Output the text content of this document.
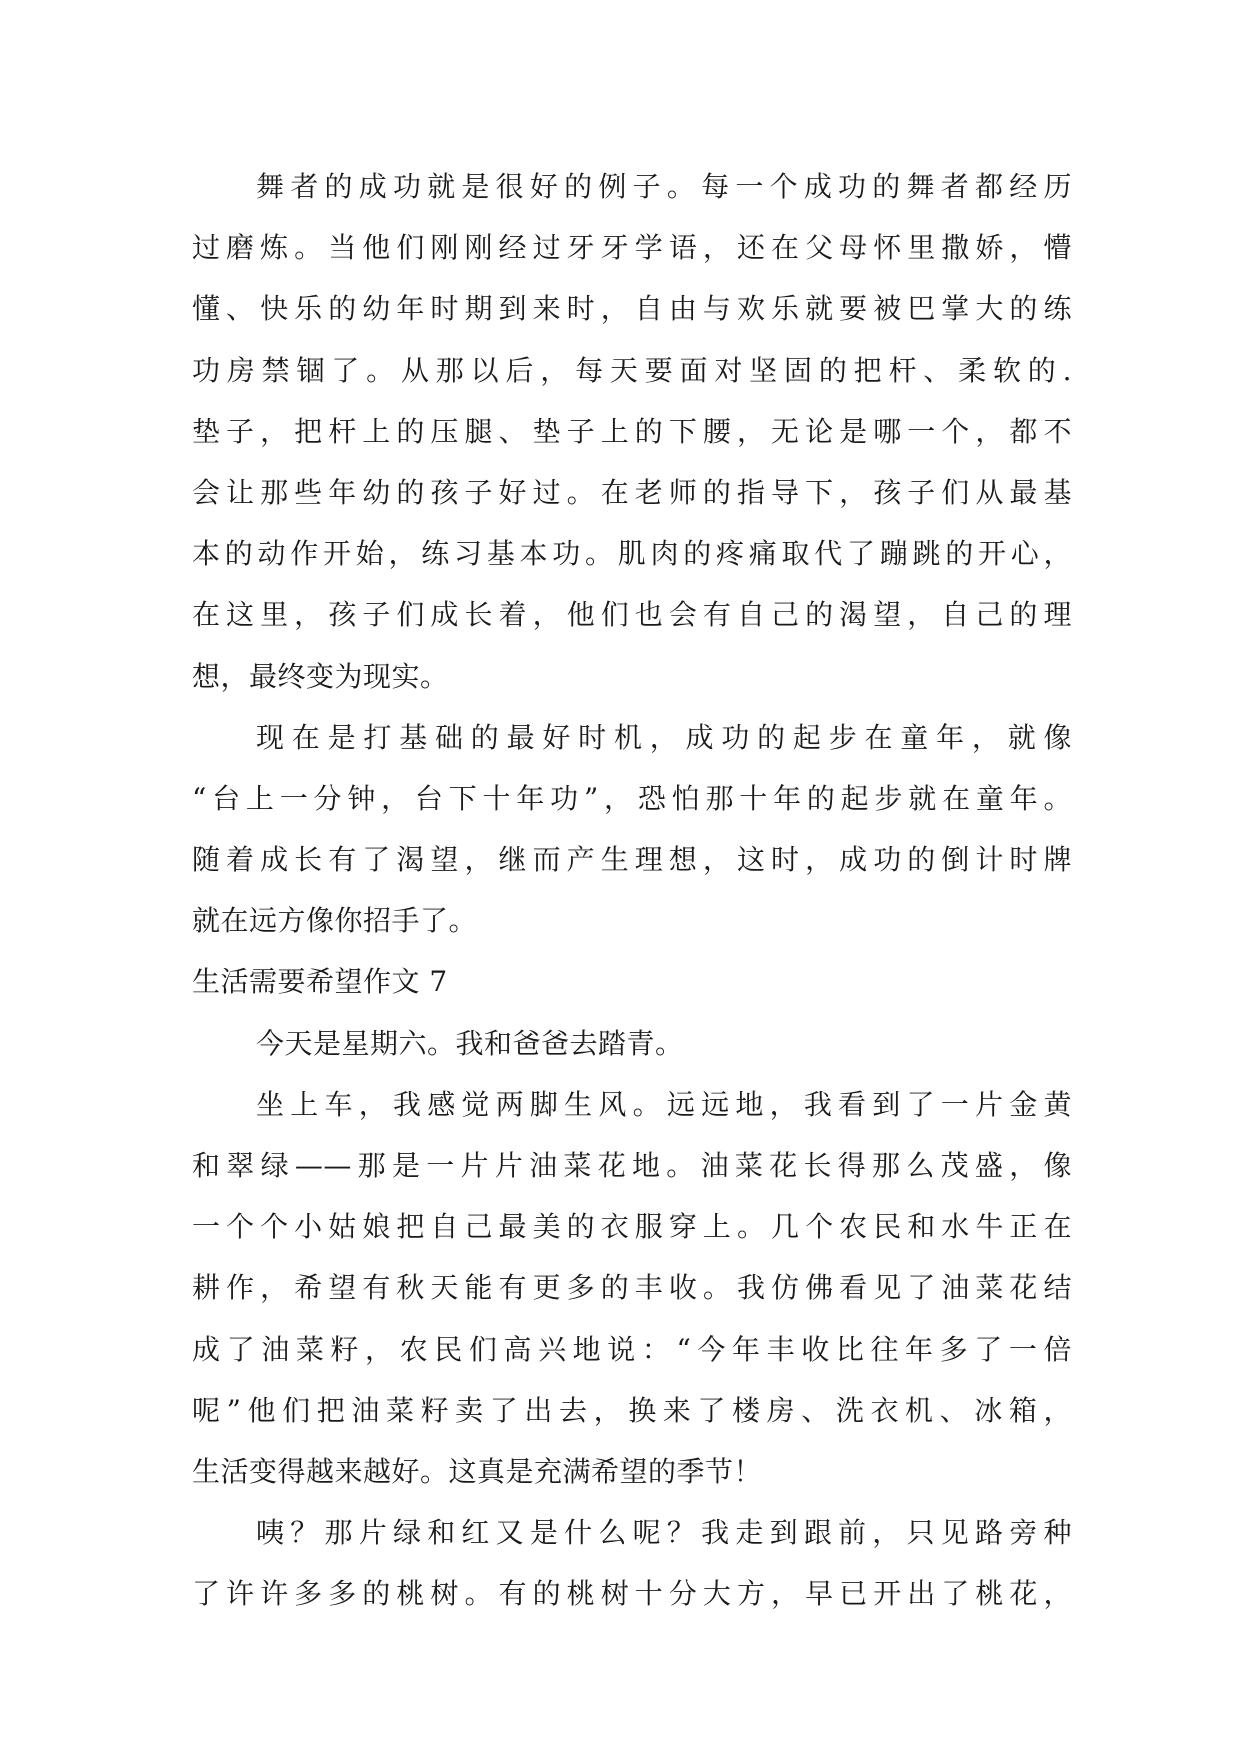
舞者的成功就是很好的例子。每一个成功的舞者都经历
过磨炼。当他们刚刚经过牙牙学语，还在父母怀里撒娇，懵
懂、快乐的幼年时期到来时，自由与欢乐就要被巴掌大的练
功房禁锢了。从那以后，每天要面对坚固的把杆、柔软的.
垫子，把杆上的压腿、垫子上的下腰，无论是哪一个，都不
会让那些年幼的孩子好过。在老师的指导下，孩子们从最基
本的动作开始，练习基本功。肌肉的疼痛取代了蹦跳的开心，
在这里，孩子们成长着，他们也会有自己的渴望，自己的理
想，最终变为现实。
现在是打基础的最好时机，成功的起步在童年，就像
“台上一分钟，台下十年功”，恐怕那十年的起步就在童年。
随着成长有了渴望，继而产生理想，这时，成功的倒计时牌
就在远方像你招手了。
生活需要希望作文 7
今天是星期六。我和爸爸去踏青。
坐上车，我感觉两脚生风。远远地，我看到了一片金黄
和翠绿——那是一片片油菜花地。油菜花长得那么茂盛，像
一个个小姑娘把自己最美的衣服穿上。几个农民和水牛正在
耕作，希望有秋天能有更多的丰收。我仿佛看见了油菜花结
成了油菜籽，农民们高兴地说：“今年丰收比往年多了一倍
呢”他们把油菜籽卖了出去，换来了楼房、洗衣机、冰箱，
生活变得越来越好。这真是充满希望的季节！
咦？那片绿和红又是什么呢？我走到跟前，只见路旁种
了许许多多的桃树。有的桃树十分大方，早已开出了桃花，
